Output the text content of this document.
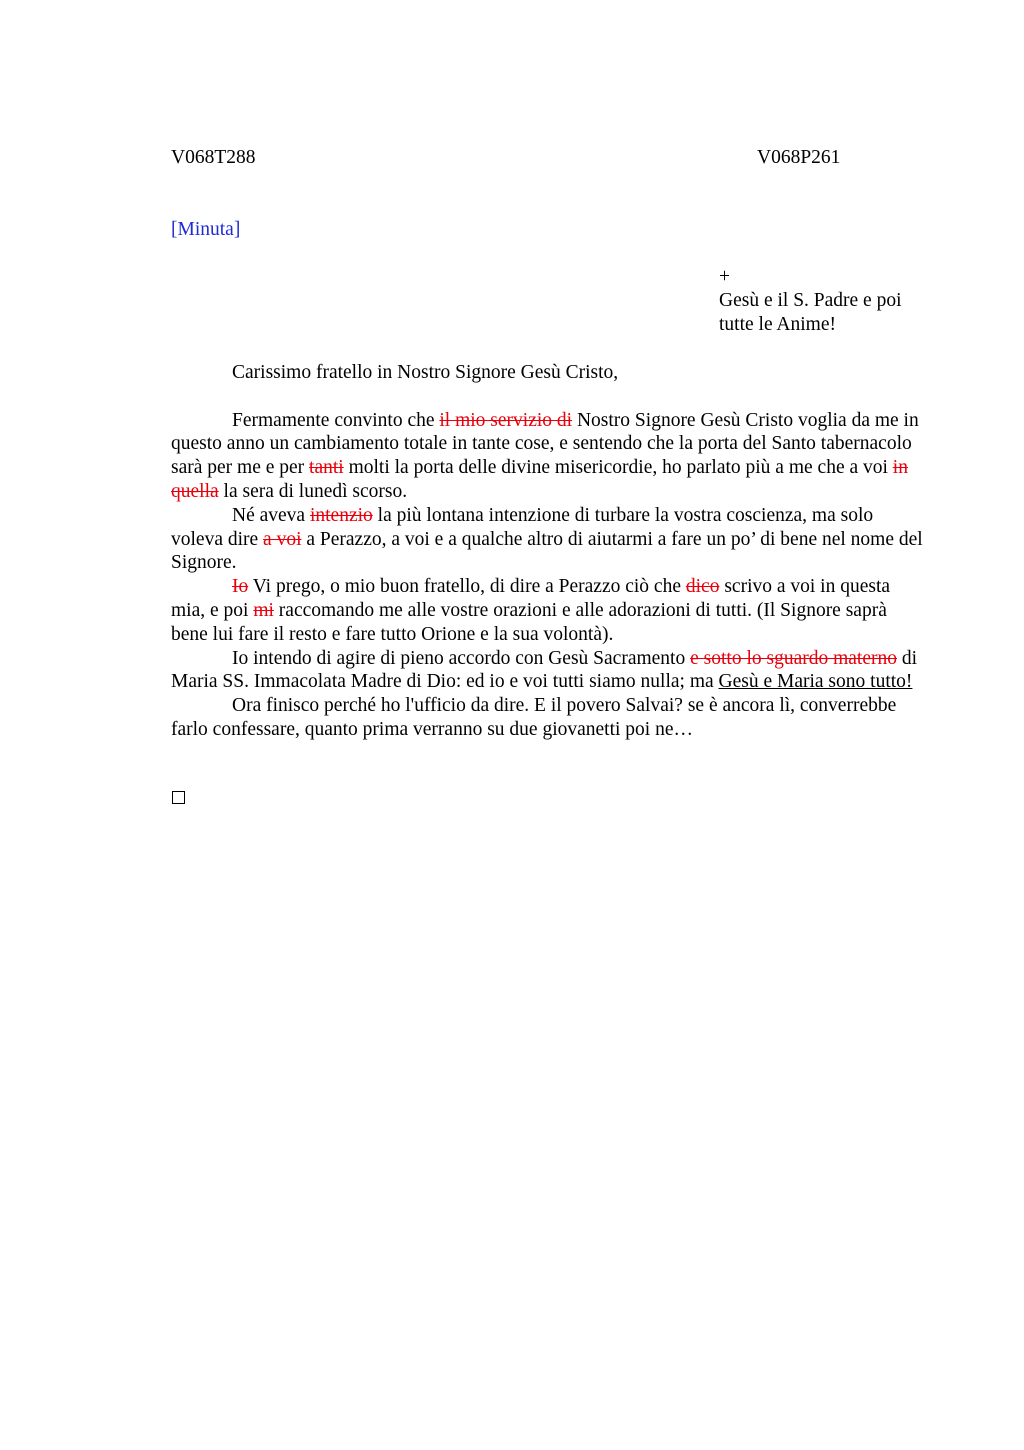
V068T288	V068P261
[Minuta]
+
Gesù e il S. Padre e poi
tutte le Anime!

Carissimo fratello in Nostro Signore Gesù Cristo,

Fermamente convinto che il mio servizio di Nostro Signore Gesù Cristo voglia da me in questo anno un cambiamento totale in tante cose, e sentendo che la porta del Santo tabernacolo sarà per me e per tanti molti la porta delle divine misericordie, ho parlato più a me che a voi in quella la sera di lunedì scorso.

Né aveva intenzio la più lontana intenzione di turbare la vostra coscienza, ma solo voleva dire a voi a Perazzo, a voi e a qualche altro di aiutarmi a fare un po’ di bene nel nome del Signore.

Io Vi prego, o mio buon fratello, di dire a Perazzo ciò che dico scrivo a voi in questa mia, e poi mi raccomando me alle vostre orazioni e alle adorazioni di tutti. (Il Signore saprà bene lui fare il resto e fare tutto Orione e la sua volontà).

Io intendo di agire di pieno accordo con Gesù Sacramento e sotto lo sguardo materno di Maria SS. Immacolata Madre di Dio: ed io e voi tutti siamo nulla; ma Gesù e Maria sono tutto!

Ora finisco perché ho l'ufficio da dire. E il povero Salvai? se è ancora lì, converrebbe farlo confessare, quanto prima verranno su due giovanetti poi ne…
